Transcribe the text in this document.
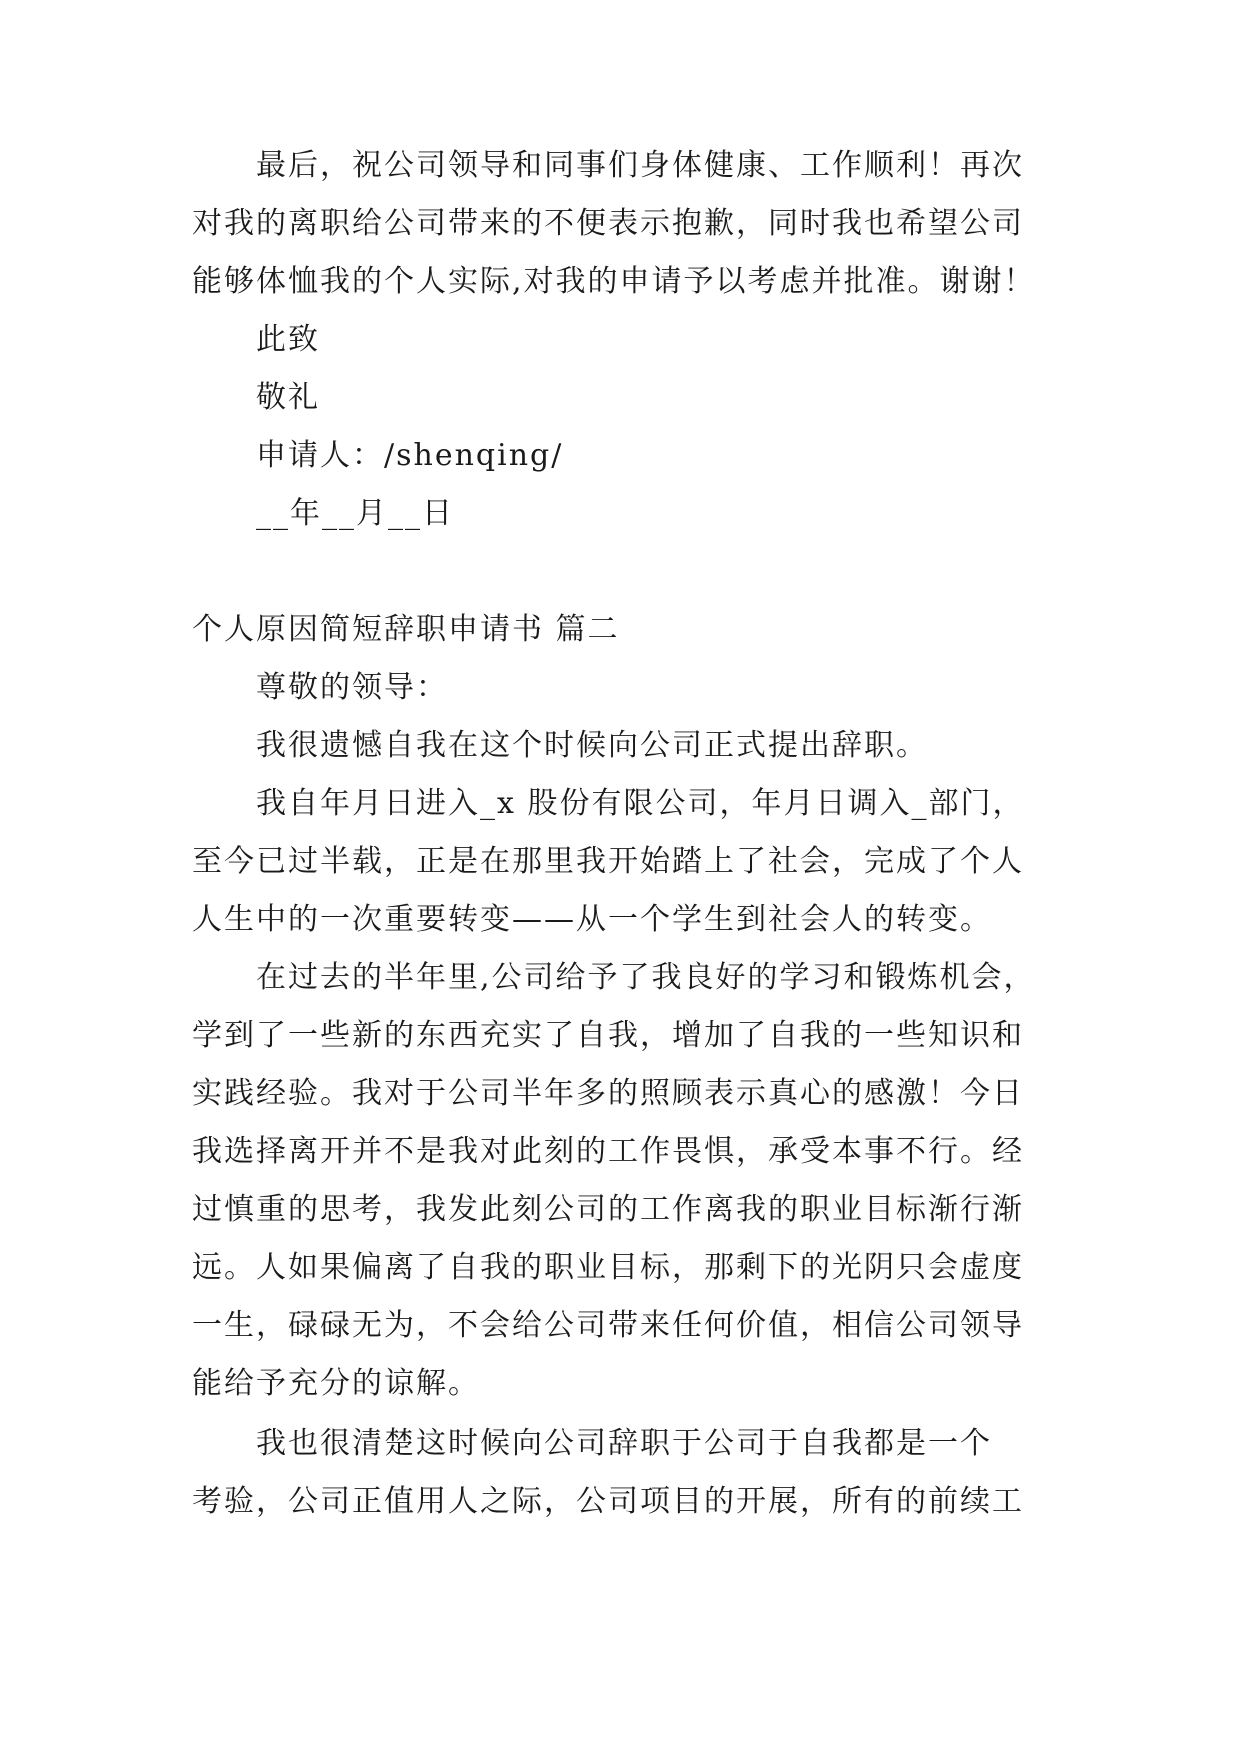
最后，祝公司领导和同事们身体健康、工作顺利！再次
对我的离职给公司带来的不便表示抱歉，同时我也希望公司
能够体恤我的个人实际,对我的申请予以考虑并批准。谢谢！
此致
敬礼
申请人：/shenqing/
__年__月__日
个人原因简短辞职申请书 篇二
尊敬的领导：
我很遗憾自我在这个时候向公司正式提出辞职。
我自年月日进入_x 股份有限公司，年月日调入_部门，
至今已过半载，正是在那里我开始踏上了社会，完成了个人
人生中的一次重要转变——从一个学生到社会人的转变。
在过去的半年里,公司给予了我良好的学习和锻炼机会，
学到了一些新的东西充实了自我，增加了自我的一些知识和
实践经验。我对于公司半年多的照顾表示真心的感激！今日
我选择离开并不是我对此刻的工作畏惧，承受本事不行。经
过慎重的思考，我发此刻公司的工作离我的职业目标渐行渐
远。人如果偏离了自我的职业目标，那剩下的光阴只会虚度
一生，碌碌无为，不会给公司带来任何价值，相信公司领导
能给予充分的谅解。
我也很清楚这时候向公司辞职于公司于自我都是一个
考验，公司正值用人之际，公司项目的开展，所有的前续工
